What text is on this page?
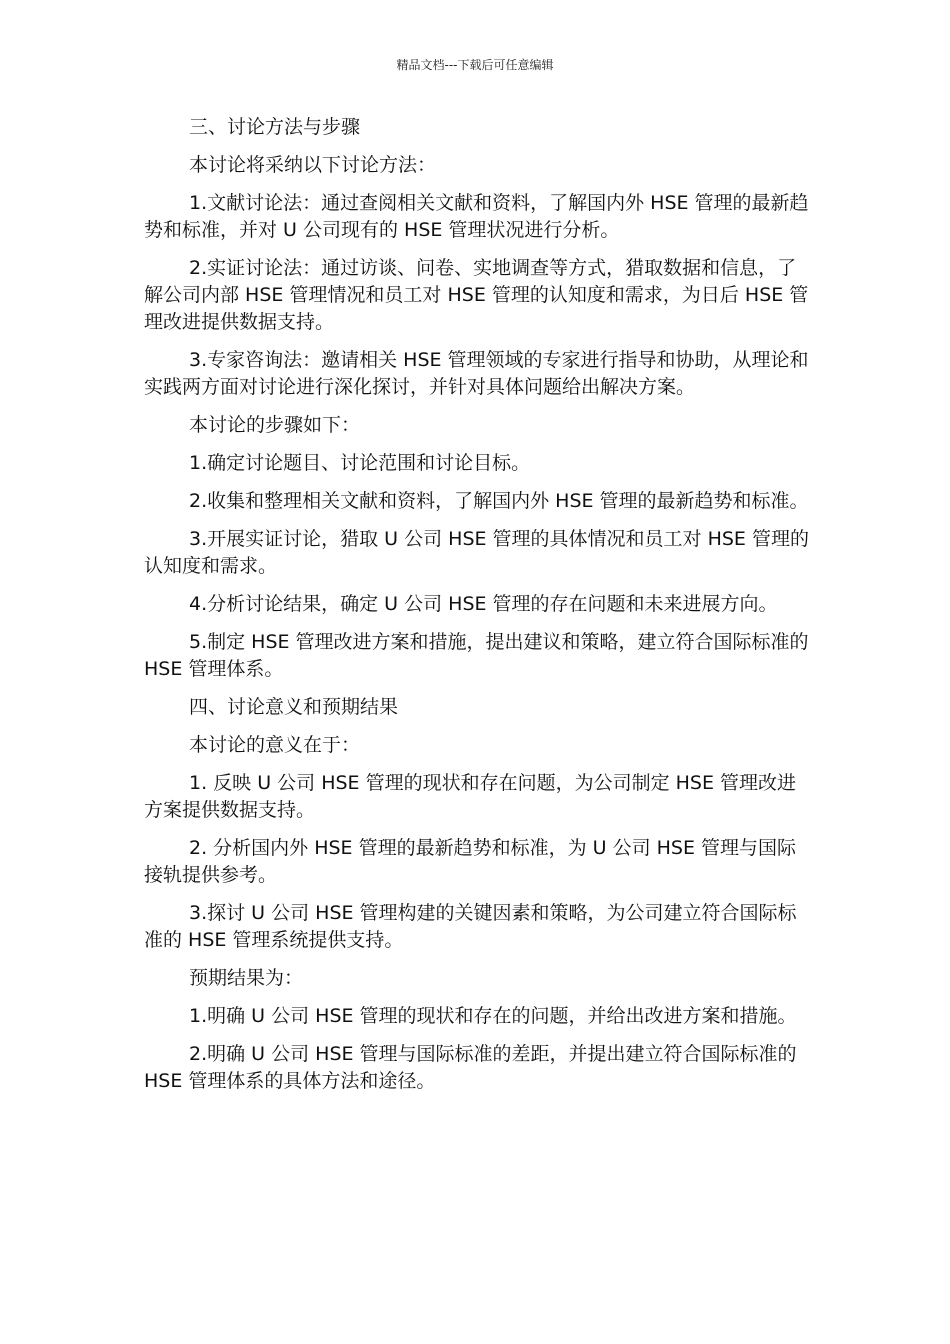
精品文档---下载后可任意编辑

三、讨论方法与步骤

本讨论将采纳以下讨论方法：

1.文献讨论法：通过查阅相关文献和资料，了解国内外 HSE 管理的最新趋势和标准，并对 U 公司现有的 HSE 管理状况进行分析。

2.实证讨论法：通过访谈、问卷、实地调查等方式，猎取数据和信息，了解公司内部 HSE 管理情况和员工对 HSE 管理的认知度和需求，为日后 HSE 管理改进提供数据支持。

3.专家咨询法：邀请相关 HSE 管理领域的专家进行指导和协助，从理论和实践两方面对讨论进行深化探讨，并针对具体问题给出解决方案。

本讨论的步骤如下：

1.确定讨论题目、讨论范围和讨论目标。

2.收集和整理相关文献和资料，了解国内外 HSE 管理的最新趋势和标准。

3.开展实证讨论，猎取 U 公司 HSE 管理的具体情况和员工对 HSE 管理的认知度和需求。

4.分析讨论结果，确定 U 公司 HSE 管理的存在问题和未来进展方向。

5.制定 HSE 管理改进方案和措施，提出建议和策略，建立符合国际标准的 HSE 管理体系。

四、讨论意义和预期结果

本讨论的意义在于：

1. 反映 U 公司 HSE 管理的现状和存在问题，为公司制定 HSE 管理改进方案提供数据支持。

2. 分析国内外 HSE 管理的最新趋势和标准，为 U 公司 HSE 管理与国际接轨提供参考。

3.探讨 U 公司 HSE 管理构建的关键因素和策略，为公司建立符合国际标准的 HSE 管理系统提供支持。

预期结果为：

1.明确 U 公司 HSE 管理的现状和存在的问题，并给出改进方案和措施。

2.明确 U 公司 HSE 管理与国际标准的差距，并提出建立符合国际标准的 HSE 管理体系的具体方法和途径。
